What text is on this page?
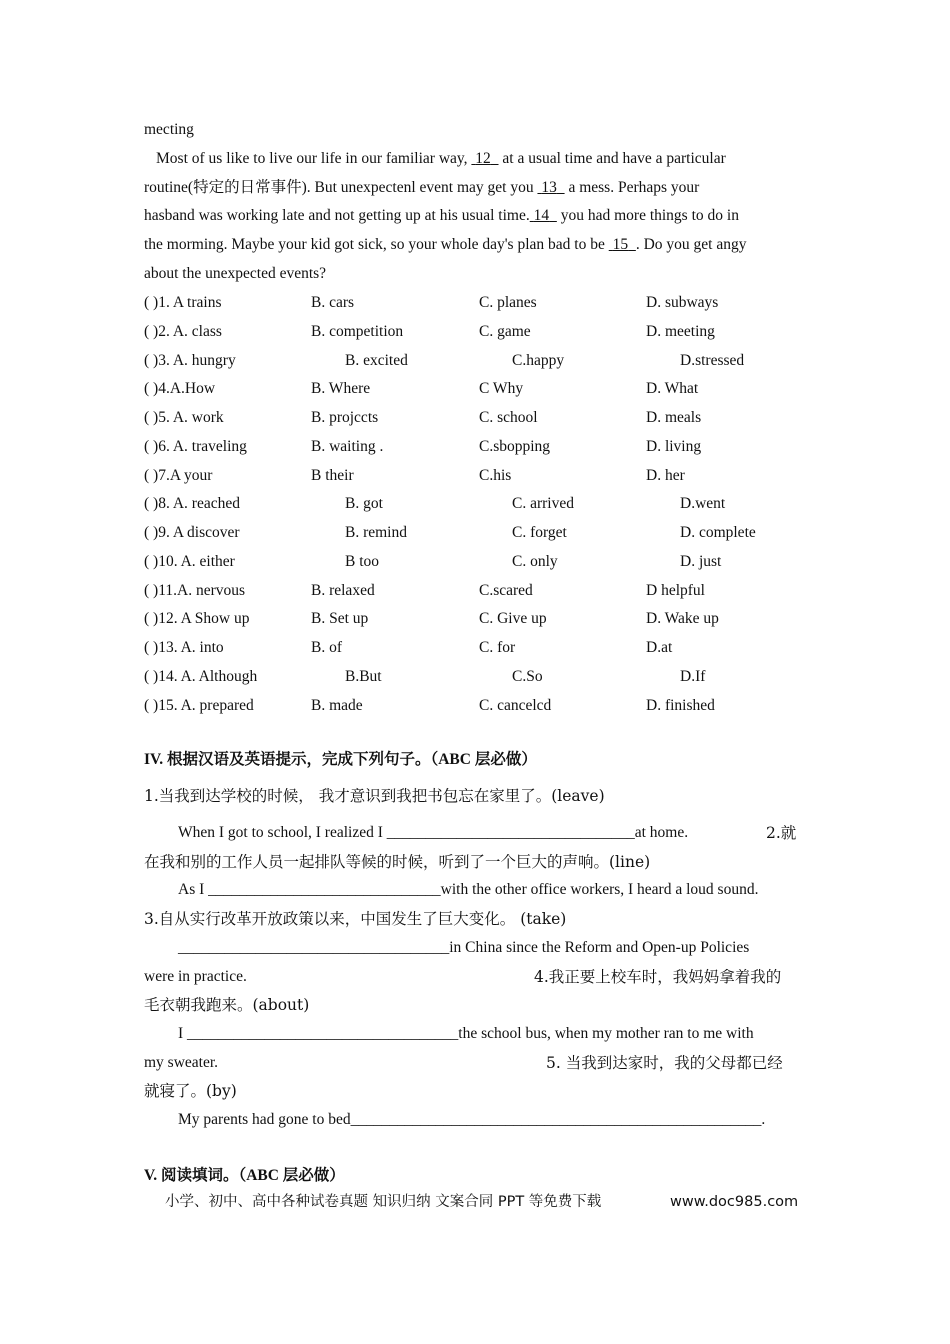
mecting
Most of us like to live our life in our familiar way,  12   at a usual time and have a particular
routine(特定的日常事件). But unexpectenl event may get you  13   a mess. Perhaps your
hasband was working late and not getting up at his usual time. 14   you had more things to do in
the morming. Maybe your kid got sick, so your whole day's plan bad to be  15 . Do you get angy
about the unexpected events?
( )1. A trains	B. cars	C. planes	D. subways
( )2. A. class	B. competition	C. game	D. meeting
( )3. A. hungry	B. excited	C.happy	D.stressed
( )4.A.How	B. Where	C Why	D. What
( )5. A. work	B. projccts	C. school	D. meals
( )6. A. traveling	B. waiting .	C.sbopping	D. living
( )7.A your	B their	C.his	D. her
( )8. A. reached	B. got	C. arrived	D.went
( )9. A discover	B. remind	C. forget	D. complete
( )10. A. either	B too	C. only	D. just
( )11.A. nervous	B. relaxed	C.scared	D helpful
( )12. A Show up	B. Set up	C. Give up	D. Wake up
( )13. A. into	B. of	C. for	D.at
( )14. A. Although	B.But	C.So	D.If
( )15. A. prepared	B. made	C. cancelcd	D. finished
IV. 根据汉语及英语提示，完成下列句子。（ABC 层必做）
1.当我到达学校的时候， 我才意识到我把书包忘在家里了。(leave)
When I got to school, I realized I ________________________________at home.	2.就
在我和别的工作人员一起排队等候的时候，听到了一个巨大的声响。(line)
As I ______________________________with the other office workers, I heard a loud sound.
3.自从实行改革开放政策以来，中国发生了巨大变化。 (take)
___________________________________in China since the Reform and Open-up Policies
were in practice.	4.我正要上校车时，我妈妈拿着我的
毛衣朝我跑来。(about)
I ___________________________________the school bus, when my mother ran to me with
my sweater.	5. 当我到达家时，我的父母都已经
就寝了。(by)
My parents had gone to bed_____________________________________________________.
V. 阅读填词。（ABC 层必做）
小学、初中、高中各种试卷真题 知识归纳 文案合同 PPT 等免费下载	www.doc985.com
